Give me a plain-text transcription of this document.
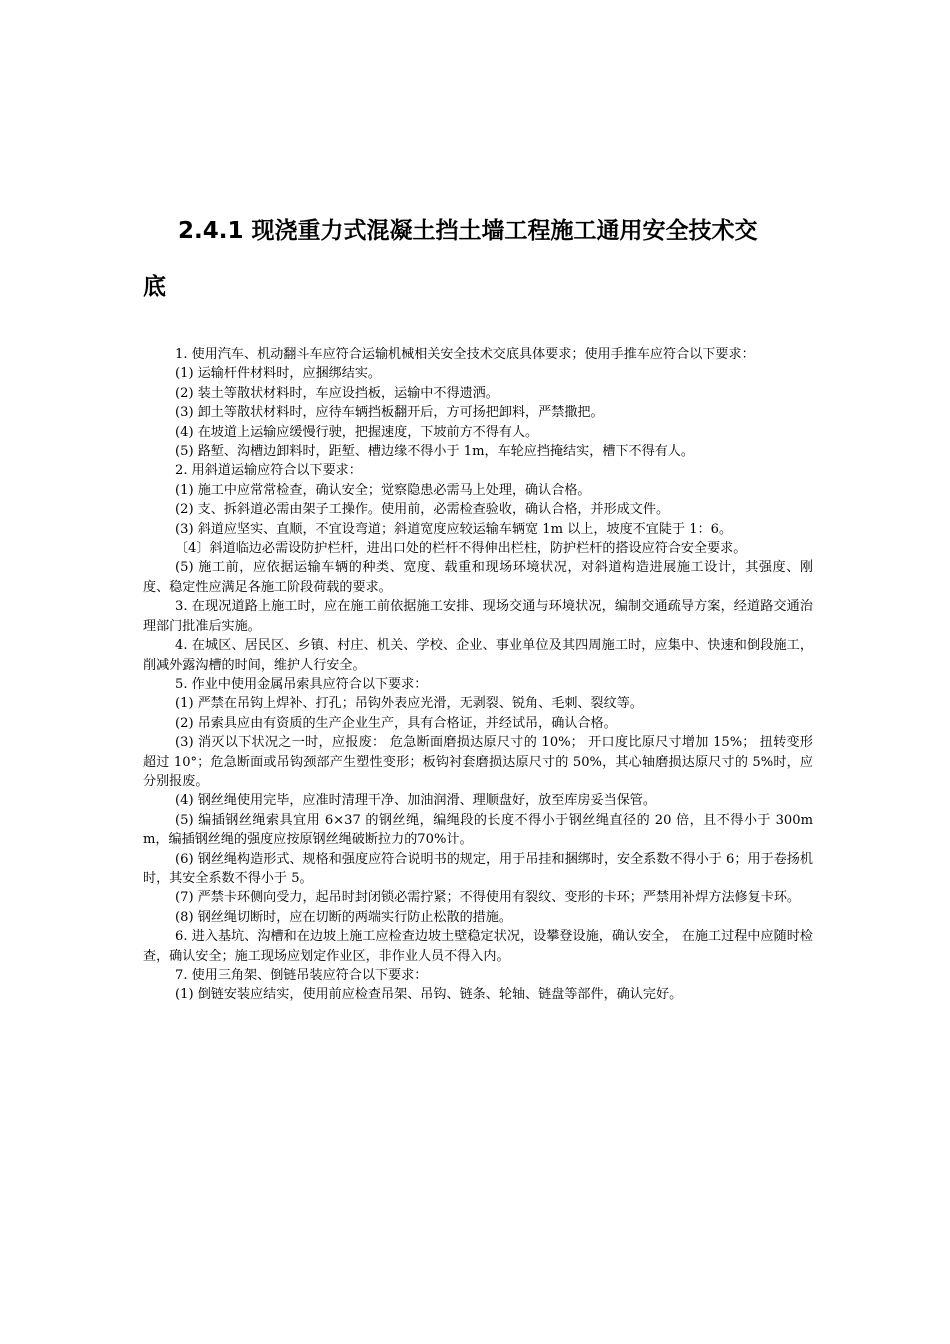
2.4.1 现浇重力式混凝土挡土墙工程施工通用安全技术交
底

1. 使用汽车、机动翻斗车应符合运输机械相关安全技术交底具体要求；使用手推车应符合以下要求：

(1) 运输杆件材料时，应捆绑结实。

(2) 装土等散状材料时，车应设挡板，运输中不得遗洒。

(3) 卸土等散状材料时，应待车辆挡板翻开后，方可扬把卸料，严禁撒把。

(4) 在坡道上运输应缓慢行驶，把握速度，下坡前方不得有人。

(5) 路堑、沟槽边卸料时，距堑、槽边缘不得小于 1m，车轮应挡掩结实，槽下不得有人。

2. 用斜道运输应符合以下要求：

(1) 施工中应常常检查，确认安全；觉察隐患必需马上处理，确认合格。

(2) 支、拆斜道必需由架子工操作。使用前，必需检查验收，确认合格，并形成文件。

(3) 斜道应坚实、直顺，不宜设弯道；斜道宽度应较运输车辆宽 1m 以上，坡度不宜陡于 1：6。

〔4〕斜道临边必需设防护栏杆，进出口处的栏杆不得伸出栏柱，防护栏杆的搭设应符合安全要求。

(5) 施工前，应依据运输车辆的种类、宽度、载重和现场环境状况，对斜道构造进展施工设计，其强度、刚度、稳定性应满足各施工阶段荷载的要求。

3. 在现况道路上施工时，应在施工前依据施工安排、现场交通与环境状况，编制交通疏导方案，经道路交通治理部门批准后实施。

4. 在城区、居民区、乡镇、村庄、机关、学校、企业、事业单位及其四周施工时，应集中、快速和倒段施工，削减外露沟槽的时间，维护人行安全。

5. 作业中使用金属吊索具应符合以下要求：

(1) 严禁在吊钩上焊补、打孔；吊钩外表应光滑，无剥裂、锐角、毛刺、裂纹等。

(2) 吊索具应由有资质的生产企业生产，具有合格证，并经试吊，确认合格。

(3) 消灭以下状况之一时，应报废： 危急断面磨损达原尺寸的 10%； 开口度比原尺寸增加 15%； 扭转变形超过 10°；危急断面或吊钩颈部产生塑性变形；板钩衬套磨损达原尺寸的 50%，其心轴磨损达原尺寸的 5%时，应分别报废。

(4) 钢丝绳使用完毕，应准时清理干净、加油润滑、理顺盘好，放至库房妥当保管。

(5) 编插钢丝绳索具宜用 6×37 的钢丝绳，编绳段的长度不得小于钢丝绳直径的 20 倍，且不得小于 300mm，编插钢丝绳的强度应按原钢丝绳破断拉力的70%计。

(6) 钢丝绳构造形式、规格和强度应符合说明书的规定，用于吊挂和捆绑时，安全系数不得小于 6；用于卷扬机时，其安全系数不得小于 5。

(7) 严禁卡环侧向受力，起吊时封闭锁必需拧紧；不得使用有裂纹、变形的卡环；严禁用补焊方法修复卡环。

(8) 钢丝绳切断时，应在切断的两端实行防止松散的措施。

6. 进入基坑、沟槽和在边坡上施工应检查边坡土壁稳定状况，设攀登设施，确认安全， 在施工过程中应随时检查，确认安全；施工现场应划定作业区，非作业人员不得入内。

7. 使用三角架、倒链吊装应符合以下要求：

(1) 倒链安装应结实，使用前应检查吊架、吊钩、链条、轮轴、链盘等部件，确认完好。
